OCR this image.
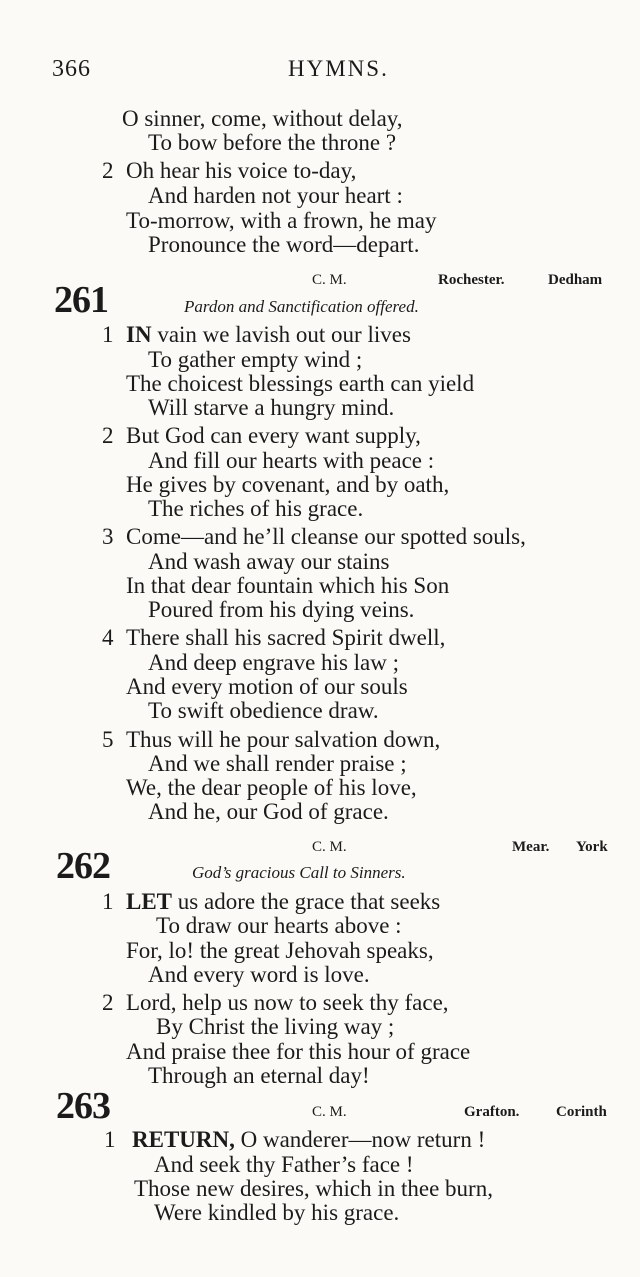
366	HYMNS.
O sinner, come, without delay,
To bow before the throne ?
2 Oh hear his voice to-day,
And harden not your heart :
To-morrow, with a frown, he may
Pronounce the word—depart.
C. M.	Rochester.	Dedham
261	Pardon and Sanctification offered.
1 IN vain we lavish out our lives
To gather empty wind ;
The choicest blessings earth can yield
Will starve a hungry mind.
2 But God can every want supply,
And fill our hearts with peace :
He gives by covenant, and by oath,
The riches of his grace.
3 Come—and he’ll cleanse our spotted souls,
And wash away our stains
In that dear fountain which his Son
Poured from his dying veins.
4 There shall his sacred Spirit dwell,
And deep engrave his law ;
And every motion of our souls
To swift obedience draw.
5 Thus will he pour salvation down,
And we shall render praise ;
We, the dear people of his love,
And he, our God of grace.
C. M.	Mear. York
262	God’s gracious Call to Sinners.
1 LET us adore the grace that seeks
To draw our hearts above :
For, lo! the great Jehovah speaks,
And every word is love.
2 Lord, help us now to seek thy face,
By Christ the living way ;
And praise thee for this hour of grace
Through an eternal day!
263	C. M.	Grafton. Corinth
1 RETURN, O wanderer—now return !
And seek thy Father’s face !
Those new desires, which in thee burn,
Were kindled by his grace.
